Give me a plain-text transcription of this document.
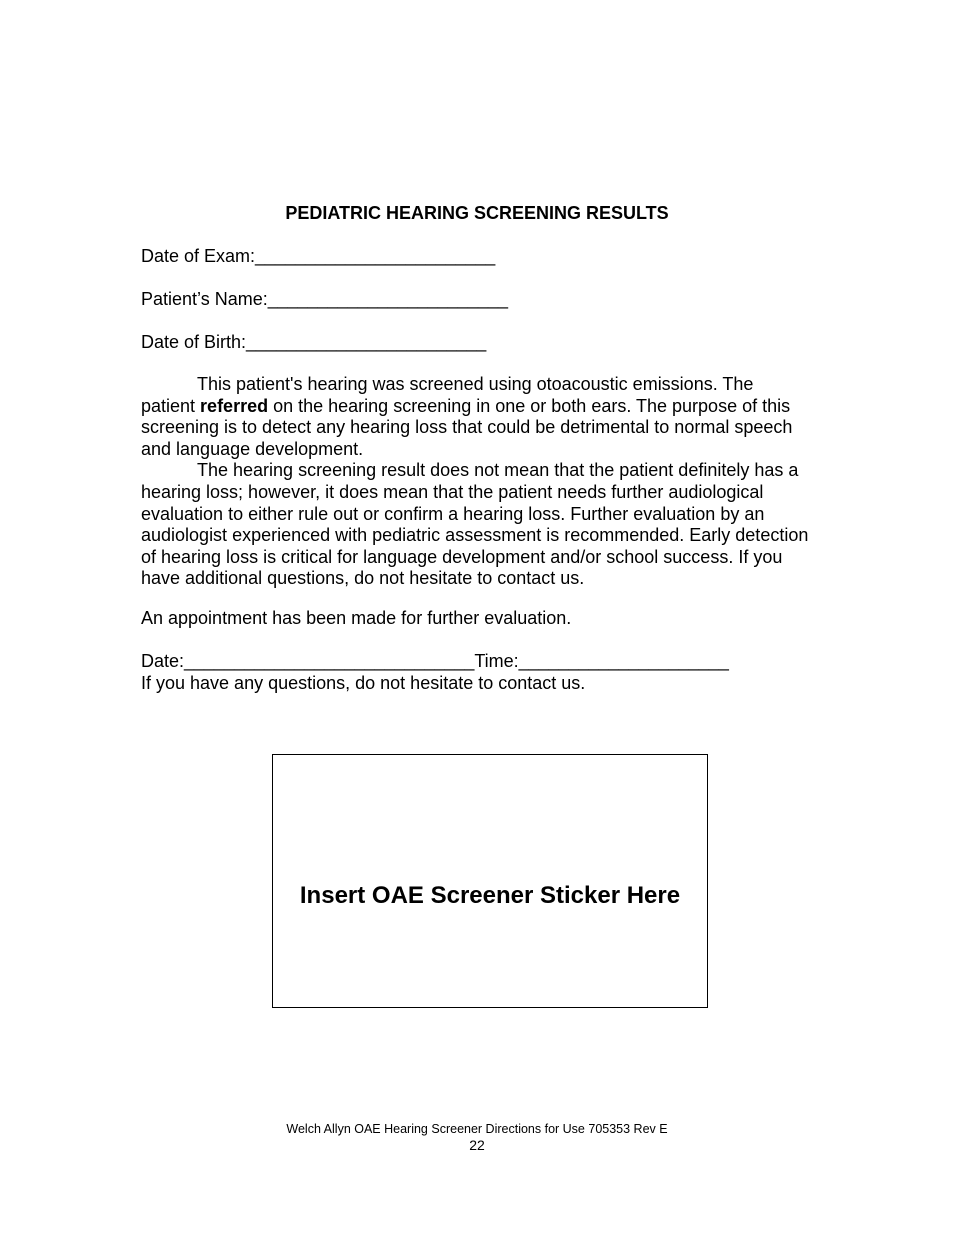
PEDIATRIC HEARING SCREENING RESULTS
Date of Exam:________________________
Patient’s Name:________________________
Date of Birth:________________________

This patient's hearing was screened using otoacoustic emissions. The
patient referred on the hearing screening in one or both ears. The purpose of this screening is to detect any hearing loss that could be detrimental to normal speech and language development.

The hearing screening result does not mean that the patient definitely has a hearing loss; however, it does mean that the patient needs further audiological evaluation to either rule out or confirm a hearing loss. Further evaluation by an audiologist experienced with pediatric assessment is recommended. Early detection of hearing loss is critical for language development and/or school success. If you have additional questions, do not hesitate to contact us.

An appointment has been made for further evaluation.
Date:_____________________________Time:_____________________
If you have any questions, do not hesitate to contact us.
Insert OAE Screener Sticker Here
Welch Allyn OAE Hearing Screener Directions for Use 705353 Rev E
22
